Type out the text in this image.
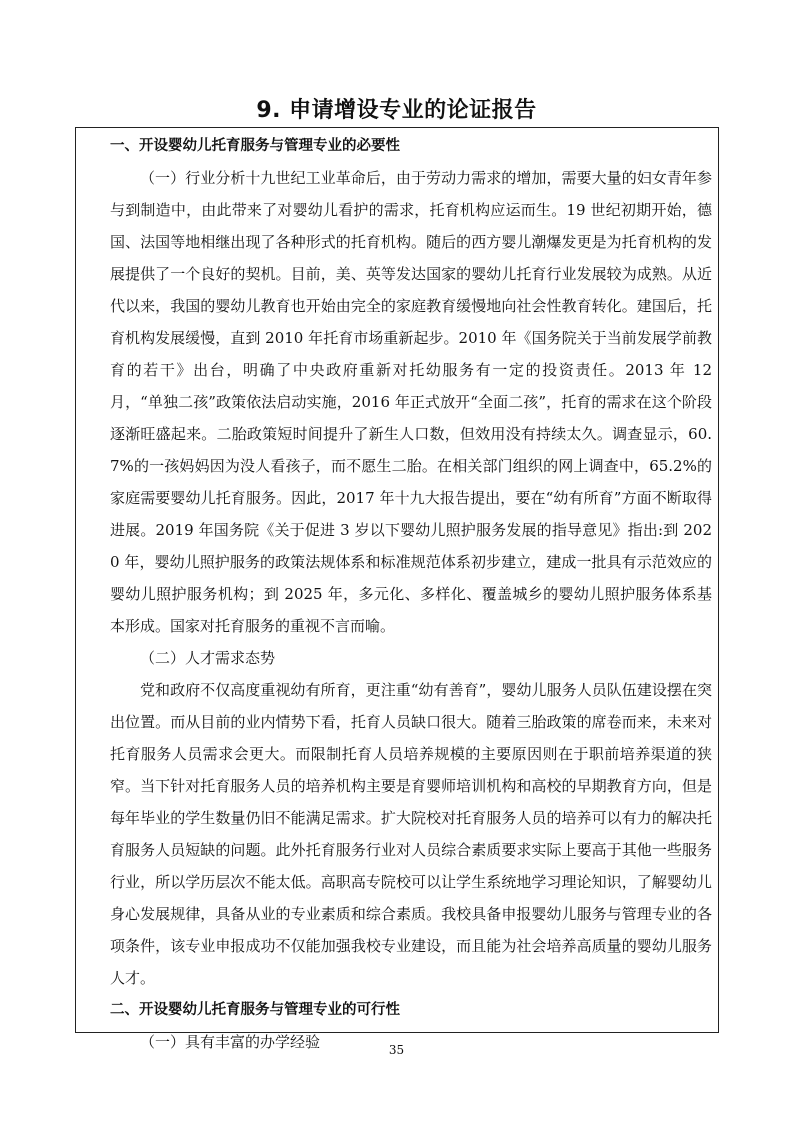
9. 申请增设专业的论证报告

一、开设婴幼儿托育服务与管理专业的必要性

（一）行业分析十九世纪工业革命后，由于劳动力需求的增加，需要大量的妇女青年参与到制造中，由此带来了对婴幼儿看护的需求，托育机构应运而生。19 世纪初期开始，德国、法国等地相继出现了各种形式的托育机构。随后的西方婴儿潮爆发更是为托育机构的发展提供了一个良好的契机。目前，美、英等发达国家的婴幼儿托育行业发展较为成熟。从近代以来，我国的婴幼儿教育也开始由完全的家庭教育缓慢地向社会性教育转化。建国后，托育机构发展缓慢，直到 2010 年托育市场重新起步。2010 年《国务院关于当前发展学前教育的若干》出台，明确了中央政府重新对托幼服务有一定的投资责任。2013 年 12 月，“单独二孩”政策依法启动实施，2016 年正式放开“全面二孩”，托育的需求在这个阶段逐渐旺盛起来。二胎政策短时间提升了新生人口数，但效用没有持续太久。调查显示，60.7%的一孩妈妈因为没人看孩子，而不愿生二胎。在相关部门组织的网上调查中，65.2%的家庭需要婴幼儿托育服务。因此，2017 年十九大报告提出，要在“幼有所育”方面不断取得进展。2019 年国务院《关于促进 3 岁以下婴幼儿照护服务发展的指导意见》指出:到 2020 年，婴幼儿照护服务的政策法规体系和标准规范体系初步建立，建成一批具有示范效应的婴幼儿照护服务机构；到 2025 年，多元化、多样化、覆盖城乡的婴幼儿照护服务体系基本形成。国家对托育服务的重视不言而喻。

（二）人才需求态势

党和政府不仅高度重视幼有所育，更注重“幼有善育”，婴幼儿服务人员队伍建设摆在突出位置。而从目前的业内情势下看，托育人员缺口很大。随着三胎政策的席卷而来，未来对托育服务人员需求会更大。而限制托育人员培养规模的主要原因则在于职前培养渠道的狭窄。当下针对托育服务人员的培养机构主要是育婴师培训机构和高校的早期教育方向，但是每年毕业的学生数量仍旧不能满足需求。扩大院校对托育服务人员的培养可以有力的解决托育服务人员短缺的问题。此外托育服务行业对人员综合素质要求实际上要高于其他一些服务行业，所以学历层次不能太低。高职高专院校可以让学生系统地学习理论知识，了解婴幼儿身心发展规律，具备从业的专业素质和综合素质。我校具备申报婴幼儿服务与管理专业的各项条件，该专业申报成功不仅能加强我校专业建设，而且能为社会培养高质量的婴幼儿服务人才。

二、开设婴幼儿托育服务与管理专业的可行性

（一）具有丰富的办学经验	35
